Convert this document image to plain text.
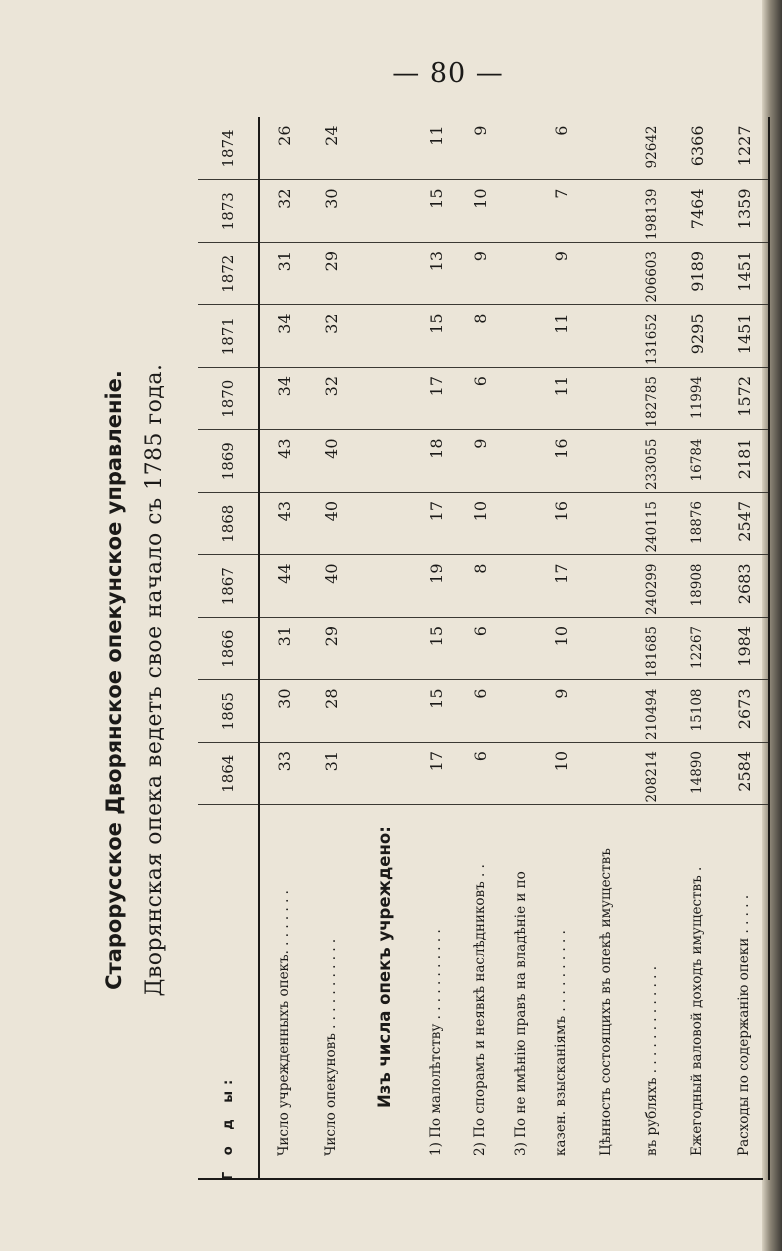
— 80 —
Старорусское Дворянское опекунское управленіе. Дворянская опека ведетъ свое начало съ 1785 года.
Г о д ы:	1864	1865	1866	1867	1868	1869	1870	1871	1872	1873	1874
Число учрежденныхъ опекъ. . . . . . . .	33	30	31	44	43	43	34	34	31	32	26
Число опекуновъ . . . . . . . . . . .	31	28	29	40	40	40	32	32	29	30	24
Изъ числа опекъ учреждено:											
1) По малолѣтству . . . . . . . . . . .	17	15	15	19	17	18	17	15	13	15	11
2) По спорамъ и неявкѣ наслѣдниковъ . .	6	6	6	8	10	9	6	8	9	10	9
3) По не имѣнію правъ на владѣніе и по											
казен. взысканіямъ . . . . . . . . . .	10	9	10	17	16	16	11	11	9	7	6
Цѣнность состоящихъ въ опекѣ имуществъ											
въ рубляхъ . . . . . . . . . . . . .	208214	210494	181685	240299	240115	233055	182785	131652	206603	198139	92642
Ежегодный валовой доходъ имуществъ .	14890	15108	12267	18908	18876	16784	11994	9295	9189	7464	6366
Расходы по содержанію опеки . . . . .	2584	2673	1984	2683	2547	2181	1572	1451	1451	1359	1227
